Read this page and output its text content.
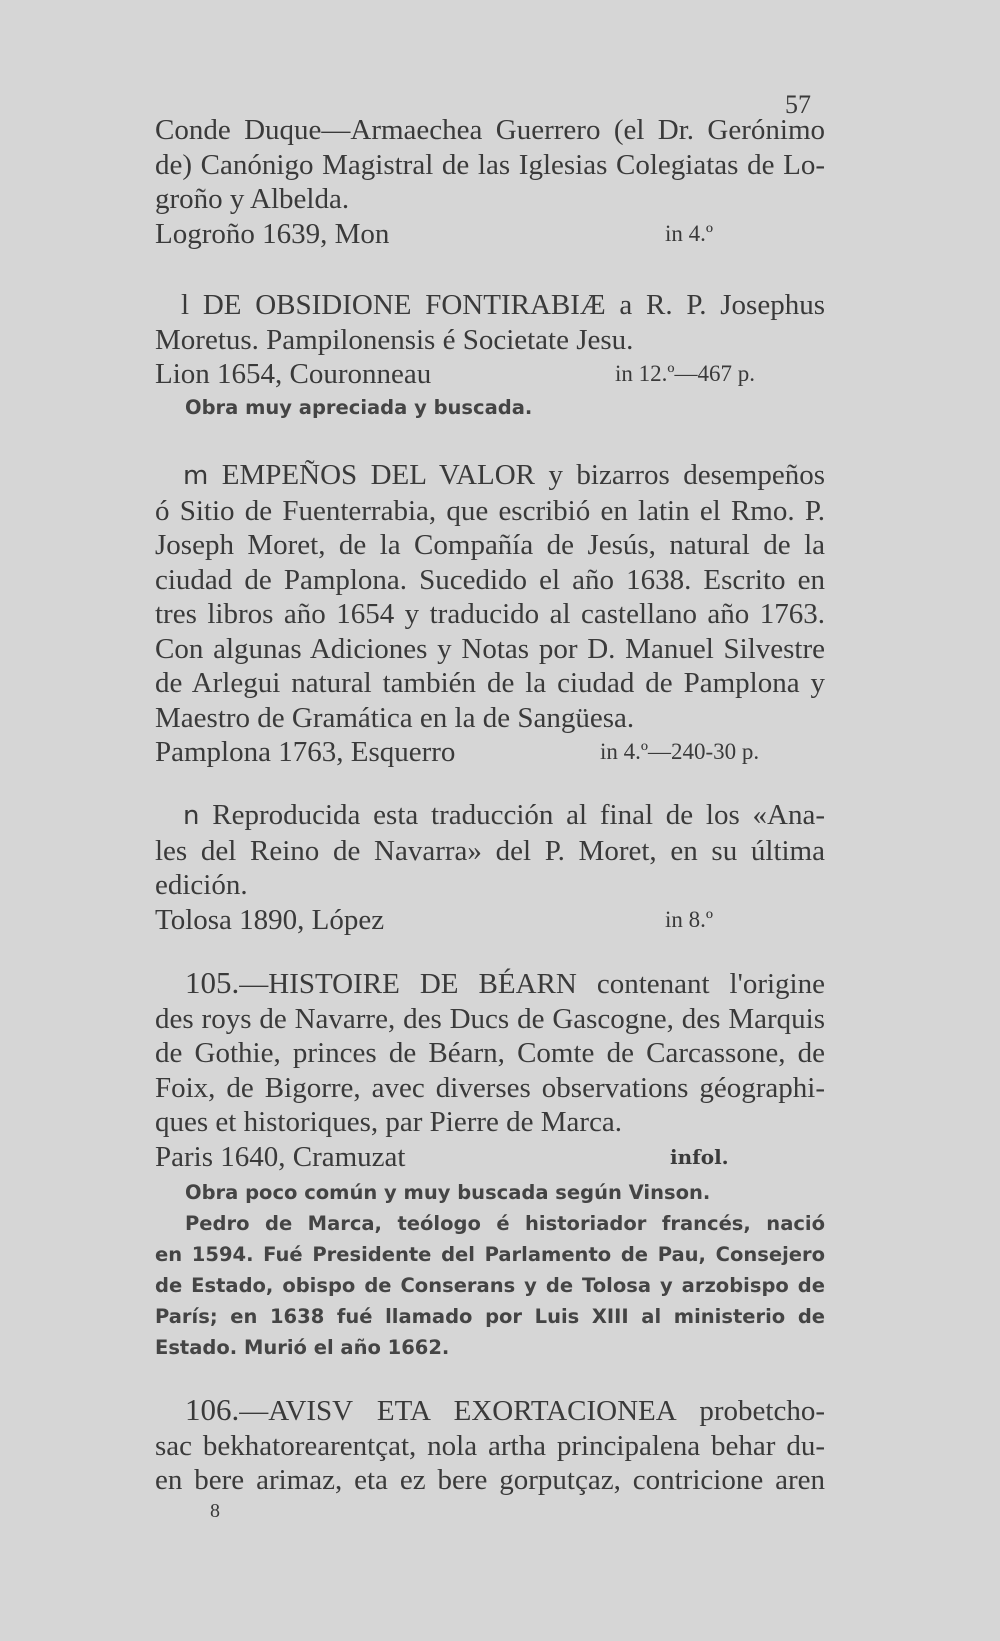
57
Conde Duque—Armaechea Guerrero (el Dr. Gerónimo
de) Canónigo Magistral de las Iglesias Colegiatas de Lo-
groño y Albelda.
Logroño 1639, Mon	in 4.º
l DE OBSIDIONE FONTIRABIÆ a R. P. Josephus
Moretus. Pampilonensis é Societate Jesu.
Lion 1654, Couronneau	in 12.º—467 p.
Obra muy apreciada y buscada.
m EMPEÑOS DEL VALOR y bizarros desempeños
ó Sitio de Fuenterrabia, que escribió en latin el Rmo. P.
Joseph Moret, de la Compañía de Jesús, natural de la
ciudad de Pamplona. Sucedido el año 1638. Escrito en
tres libros año 1654 y traducido al castellano año 1763.
Con algunas Adiciones y Notas por D. Manuel Silvestre
de Arlegui natural también de la ciudad de Pamplona y
Maestro de Gramática en la de Sangüesa.
Pamplona 1763, Esquerro	in 4.º—240-30 p.
n Reproducida esta traducción al final de los «Ana-
les del Reino de Navarra» del P. Moret, en su última
edición.
Tolosa 1890, López	in 8.º
105.—HISTOIRE DE BÉARN contenant l'origine
des roys de Navarre, des Ducs de Gascogne, des Marquis
de Gothie, princes de Béarn, Comte de Carcassone, de
Foix, de Bigorre, avec diverses observations géographi-
ques et historiques, par Pierre de Marca.
Paris 1640, Cramuzat	infol.
Obra poco común y muy buscada según Vinson.
Pedro de Marca, teólogo é historiador francés, nació
en 1594. Fué Presidente del Parlamento de Pau, Consejero
de Estado, obispo de Conserans y de Tolosa y arzobispo de
París; en 1638 fué llamado por Luis XIII al ministerio de
Estado. Murió el año 1662.
106.—AVISV ETA EXORTACIONEA probetcho-
sac bekhatorearentçat, nola artha principalena behar du-
en bere arimaz, eta ez bere gorputçaz, contricione aren
8
